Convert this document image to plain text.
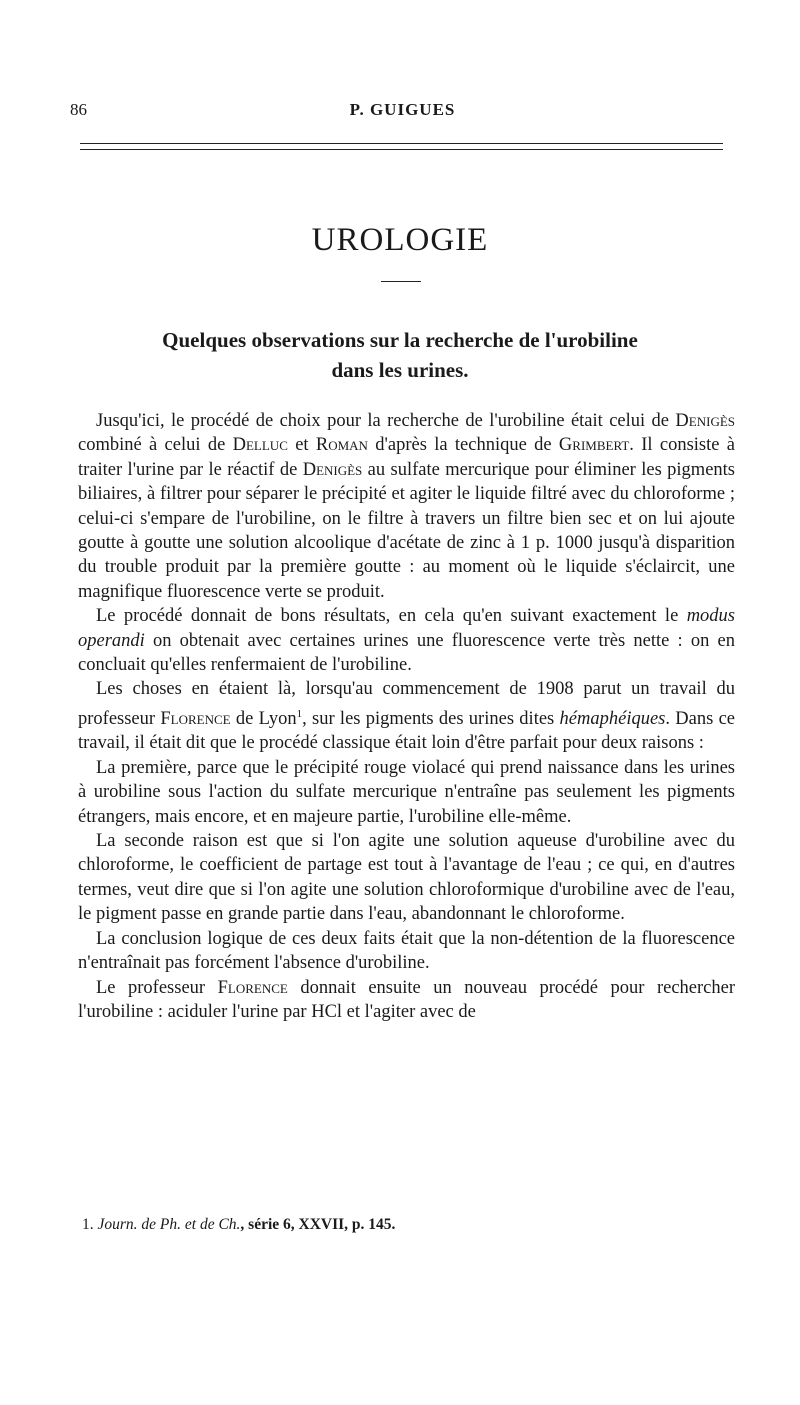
86	P. GUIGUES
UROLOGIE
Quelques observations sur la recherche de l'urobiline
dans les urines.

Jusqu'ici, le procédé de choix pour la recherche de l'urobiline était celui de Denigès combiné à celui de Delluc et Roman d'après la technique de Grimbert. Il consiste à traiter l'urine par le réactif de Denigès au sulfate mercurique pour éliminer les pigments biliaires, à filtrer pour séparer le précipité et agiter le liquide filtré avec du chloroforme ; celui-ci s'empare de l'urobiline, on le filtre à travers un filtre bien sec et on lui ajoute goutte à goutte une solution alcoolique d'acétate de zinc à 1 p. 1000 jusqu'à disparition du trouble produit par la première goutte : au moment où le liquide s'éclaircit, une magnifique fluorescence verte se produit.

Le procédé donnait de bons résultats, en cela qu'en suivant exactement le modus operandi on obtenait avec certaines urines une fluorescence verte très nette : on en concluait qu'elles renfermaient de l'urobiline.

Les choses en étaient là, lorsqu'au commencement de 1908 parut un travail du professeur Florence de Lyon$^1$, sur les pigments des urines dites hémaphéiques. Dans ce travail, il était dit que le procédé classique était loin d'être parfait pour deux raisons :

La première, parce que le précipité rouge violacé qui prend naissance dans les urines à urobiline sous l'action du sulfate mercurique n'entraîne pas seulement les pigments étrangers, mais encore, et en majeure partie, l'urobiline elle-même.

La seconde raison est que si l'on agite une solution aqueuse d'urobiline avec du chloroforme, le coefficient de partage est tout à l'avantage de l'eau ; ce qui, en d'autres termes, veut dire que si l'on agite une solution chloroformique d'urobiline avec de l'eau, le pigment passe en grande partie dans l'eau, abandonnant le chloroforme.

La conclusion logique de ces deux faits était que la non-détention de la fluorescence n'entraînait pas forcément l'absence d'urobiline.

Le professeur Florence donnait ensuite un nouveau procédé pour rechercher l'urobiline : aciduler l'urine par HCl et l'agiter avec de

1. Journ. de Ph. et de Ch., série 6, XXVII, p. 145.
